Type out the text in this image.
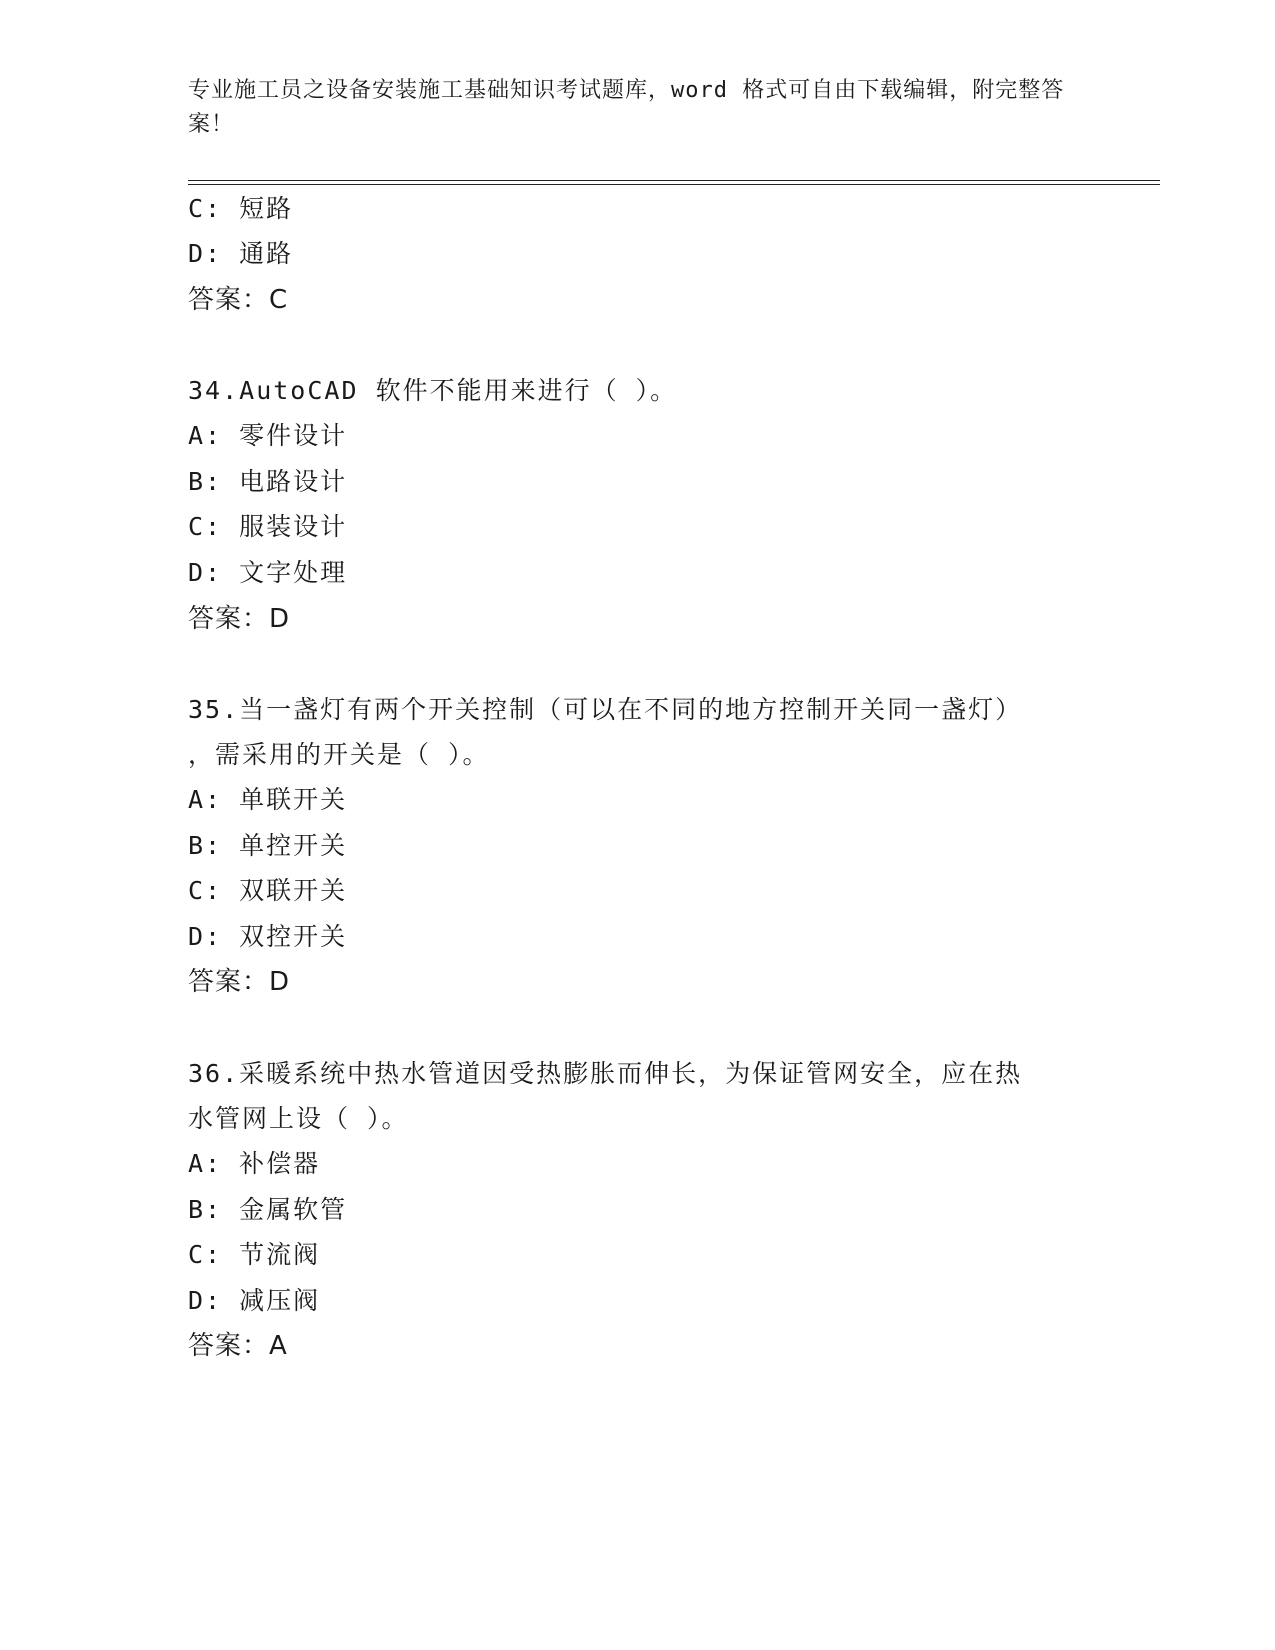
专业施工员之设备安装施工基础知识考试题库，word 格式可自由下载编辑，附完整答案！
C: 短路
D: 通路
答案：C
34.AutoCAD 软件不能用来进行（ ）。
A: 零件设计
B: 电路设计
C: 服装设计
D: 文字处理
答案：D
35.当一盏灯有两个开关控制（可以在不同的地方控制开关同一盏灯）
，需采用的开关是（ ）。
A: 单联开关
B: 单控开关
C: 双联开关
D: 双控开关
答案：D
36.采暖系统中热水管道因受热膨胀而伸长，为保证管网安全，应在热
水管网上设（ ）。
A: 补偿器
B: 金属软管
C: 节流阀
D: 减压阀
答案：A
